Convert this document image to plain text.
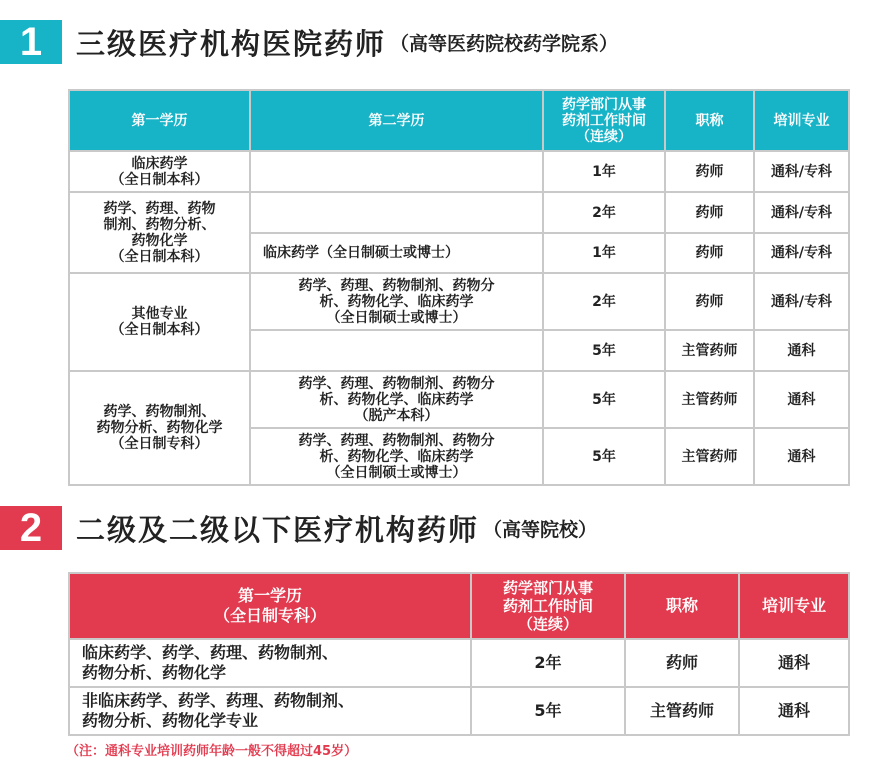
1	三级医疗机构医院药师 （高等医药院校药学院系）
第一学历	第二学历	药学部门从事
药剂工作时间
（连续）	职称	培训专业
临床药学
（全日制本科）		1年	药师	通科/专科
药学、药理、药物
制剂、药物分析、
药物化学
（全日制本科）		2年	药师	通科/专科
	临床药学（全日制硕士或博士）	1年	药师	通科/专科
其他专业
（全日制本科）	药学、药理、药物制剂、药物分
析、药物化学、临床药学
（全日制硕士或博士）	2年	药师	通科/专科
		5年	主管药师	通科
药学、药物制剂、
药物分析、药物化学
（全日制专科）	药学、药理、药物制剂、药物分
析、药物化学、临床药学
（脱产本科）	5年	主管药师	通科
	药学、药理、药物制剂、药物分
析、药物化学、临床药学
（全日制硕士或博士）	5年	主管药师	通科
2	二级及二级以下医疗机构药师 （高等院校）
第一学历
（全日制专科）	药学部门从事
药剂工作时间
（连续）	职称	培训专业
临床药学、药学、药理、药物制剂、
药物分析、药物化学	2年	药师	通科
非临床药学、药学、药理、药物制剂、
药物分析、药物化学专业	5年	主管药师	通科
（注：通科专业培训药师年龄一般不得超过45岁）
